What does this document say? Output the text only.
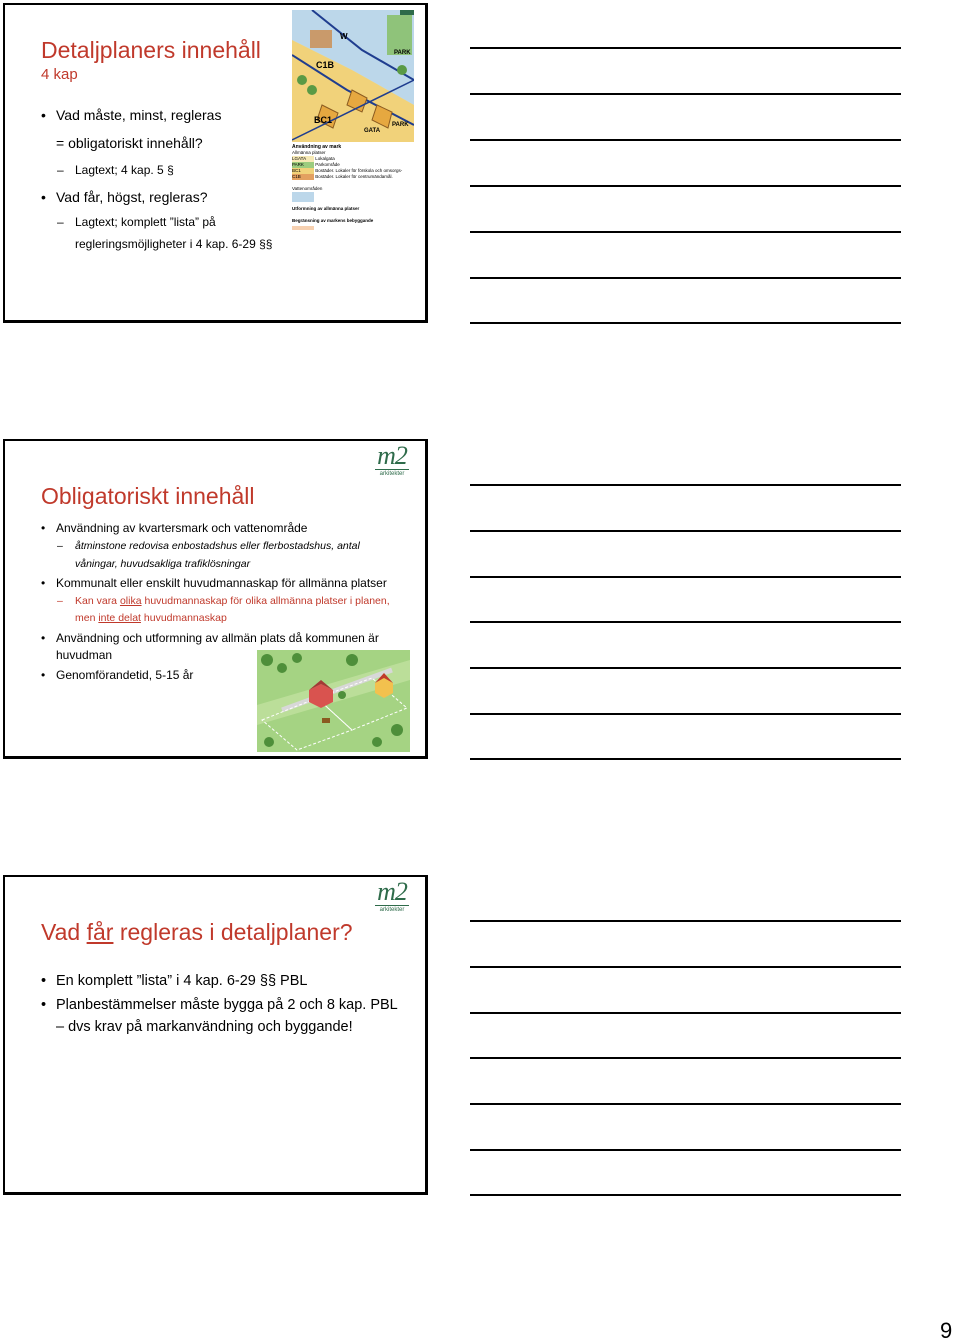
Detaljplaners innehåll
4 kap
• Vad måste, minst, regleras
= obligatoriskt innehåll?
– Lagtext; 4 kap. 5 §
• Vad får, högst, regleras?
– Lagtext; komplett ”lista” på
regleringsmöjligheter i 4 kap. 6-29 §§
W
C1B
BC1
PARK
PARK
GATA
Användning av mark
Allmänna platser
LGATA Lokalgata
PARK	Parkområde
BC1	Bostäder. Lokaler för förskola och omsorgs-
C1B	Bostäder. Lokaler för centrumändamål.
Vattenområden
Utformning av allmänna platser
Begränsning av markens bebyggande
m2
arkitekter
Obligatoriskt innehåll
• Användning av kvartersmark och vattenområde
– åtminstone redovisa enbostadshus eller flerbostadshus, antal
våningar, huvudsakliga trafiklösningar
• Kommunalt eller enskilt huvudmannaskap för allmänna platser
– Kan vara olika huvudmannaskap för olika allmänna platser i planen,
men inte delat huvudmannaskap
• Användning och utformning av allmän plats då kommunen är
huvudman
• Genomförandetid, 5-15 år
m2
arkitekter
Vad får regleras i detaljplaner?
• En komplett ”lista” i 4 kap. 6-29 §§ PBL
• Planbestämmelser måste bygga på 2 och 8 kap. PBL
– dvs krav på markanvändning och byggande!
9
